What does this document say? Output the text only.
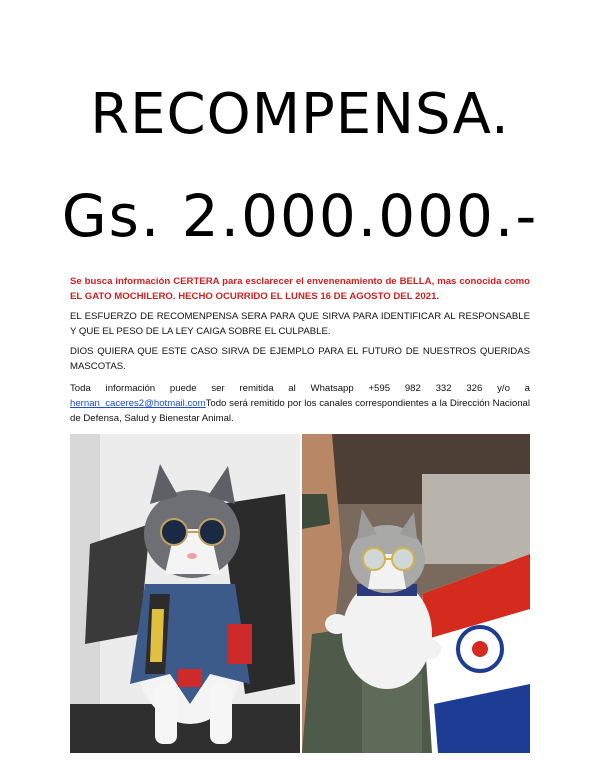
RECOMPENSA.
Gs. 2.000.000.-
Se busca información CERTERA para esclarecer el envenenamiento de BELLA, mas conocida como EL GATO MOCHILERO. HECHO OCURRIDO EL LUNES 16 DE AGOSTO DEL 2021.
EL ESFUERZO DE RECOMENPENSA SERA PARA QUE SIRVA PARA IDENTIFICAR AL RESPONSABLE Y QUE EL PESO DE LA LEY CAIGA SOBRE EL CULPABLE.
DIOS QUIERA QUE ESTE CASO SIRVA DE EJEMPLO PARA EL FUTURO DE NUESTROS QUERIDAS MASCOTAS.
Toda información puede ser remitida al Whatsapp +595 982 332 326 y/o a hernan_caceres2@hotmail.comTodo será remitido por los canales correspondientes a la Dirección Nacional de Defensa, Salud y Bienestar Animal.
